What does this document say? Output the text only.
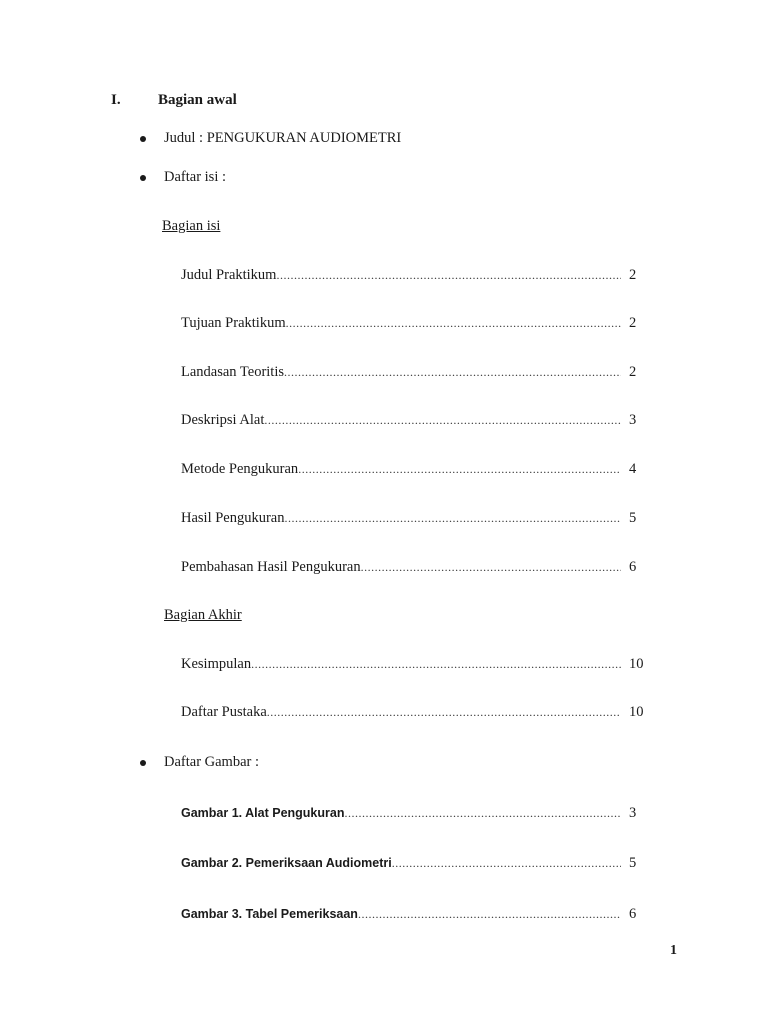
I.	Bagian awal
Judul : PENGUKURAN AUDIOMETRI
Daftar isi :
Bagian isi
Judul Praktikum .....	2
Tujuan Praktikum .....	2
Landasan Teoritis .....	2
Deskripsi Alat .....	3
Metode Pengukuran .....	4
Hasil Pengukuran .....	5
Pembahasan Hasil Pengukuran .....	6
Bagian Akhir
Kesimpulan .....	10
Daftar Pustaka .....	10
Daftar Gambar :
Gambar 1. Alat Pengukuran .....	3
Gambar 2. Pemeriksaan Audiometri .....	5
Gambar 3. Tabel Pemeriksaan .....	6
1
